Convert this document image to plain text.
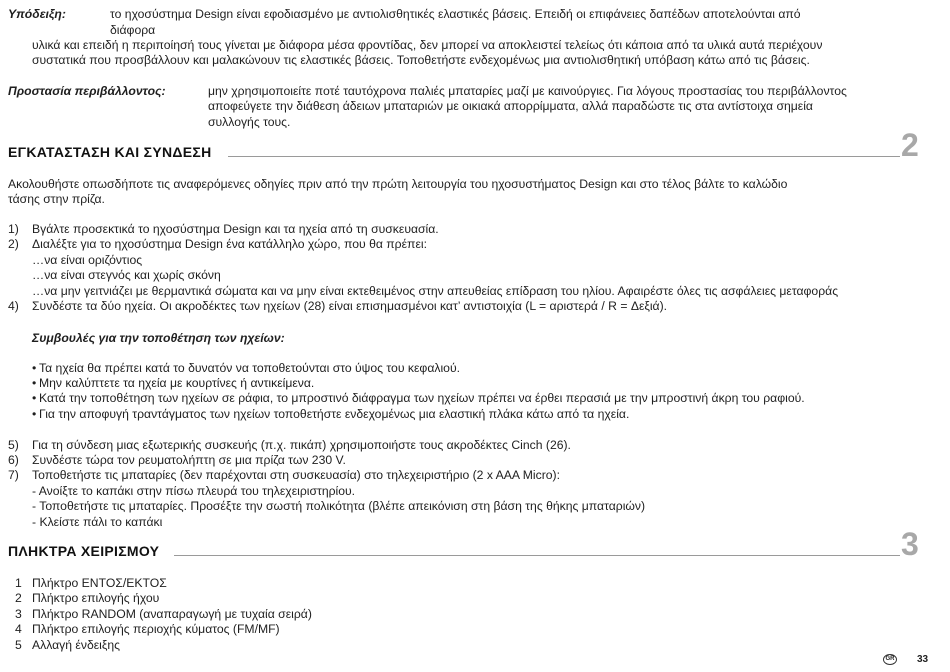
Υπόδειξη:	το ηχοσύστημα Design είναι εφοδιασμένο με αντιολισθητικές ελαστικές βάσεις. Επειδή οι επιφάνειες δαπέδων αποτελούνται από
διάφορα
υλικά και επειδή η περιποίησή τους γίνεται με διάφορα μέσα φροντίδας, δεν μπορεί να αποκλειστεί τελείως ότι κάποια από τα υλικά αυτά περιέχουν
συστατικά που προσβάλλουν και μαλακώνουν τις ελαστικές βάσεις. Τοποθετήστε ενδεχομένως μια αντιολισθητική υπόβαση κάτω από τις βάσεις.
Προστασία περιβάλλοντος:	μην χρησιμοποιείτε ποτέ ταυτόχρονα παλιές μπαταρίες μαζί με καινούργιες. Για λόγους προστασίας του περιβάλλοντος
αποφεύγετε την διάθεση άδειων μπαταριών με οικιακά απορρίμματα, αλλά παραδώστε τις στα αντίστοιχα σημεία
συλλογής τους.
ΕΓΚΑΤΑΣΤΑΣΗ ΚΑΙ ΣΥΝΔΕΣΗ	2
Ακολουθήστε οπωσδήποτε τις αναφερόμενες οδηγίες πριν από την πρώτη λειτουργία του ηχοσυστήματος Design και στο τέλος βάλτε το καλώδιο
τάσης στην πρίζα.
1) Βγάλτε προσεκτικά το ηχοσύστημα Design και τα ηχεία από τη συσκευασία.
2) Διαλέξτε για το ηχοσύστημα Design ένα κατάλληλο χώρο, που θα πρέπει:
…να είναι οριζόντιος
…να είναι στεγνός και χωρίς σκόνη
…να μην γειτνιάζει με θερμαντικά σώματα και να μην είναι εκτεθειμένος στην απευθείας επίδραση του ηλίου. Αφαιρέστε όλες τις ασφάλειες μεταφοράς
4) Συνδέστε τα δύο ηχεία. Οι ακροδέκτες των ηχείων (28) είναι επισημασμένοι κατ’ αντιστοιχία (L = αριστερά / R = Δεξιά).
Συμβουλές για την τοποθέτηση των ηχείων:
• Τα ηχεία θα πρέπει κατά το δυνατόν να τοποθετούνται στο ύψος του κεφαλιού.
• Μην καλύπτετε τα ηχεία με κουρτίνες ή αντικείμενα.
• Κατά την τοποθέτηση των ηχείων σε ράφια, το μπροστινό διάφραγμα των ηχείων πρέπει να έρθει περασιά με την μπροστινή άκρη του ραφιού.
• Για την αποφυγή τραντάγματος των ηχείων τοποθετήστε ενδεχομένως μια ελαστική πλάκα κάτω από τα ηχεία.
5) Για τη σύνδεση μιας εξωτερικής συσκευής (π.χ. πικάπ) χρησιμοποιήστε τους ακροδέκτες Cinch (26).
6) Συνδέστε τώρα τον ρευματολήπτη σε μια πρίζα των 230 V.
7) Τοποθετήστε τις μπαταρίες (δεν παρέχονται στη συσκευασία) στο τηλεχειριστήριο (2 x AAA Micro):
- Ανοίξτε το καπάκι στην πίσω πλευρά του τηλεχειριστηρίου.
- Τοποθετήστε τις μπαταρίες. Προσέξτε την σωστή πολικότητα (βλέπε απεικόνιση στη βάση της θήκης μπαταριών)
- Κλείστε πάλι το καπάκι
ΠΛΗΚΤΡΑ ΧΕΙΡΙΣΜΟΥ	3
1 Πλήκτρο ΕΝΤΟΣ/ΕΚΤΟΣ
2 Πλήκτρο επιλογής ήχου
3 Πλήκτρο RANDOM (αναπαραγωγή με τυχαία σειρά)
4 Πλήκτρο επιλογής περιοχής κύματος (FM/MF)
5 Αλλαγή ένδειξης
GR 33
